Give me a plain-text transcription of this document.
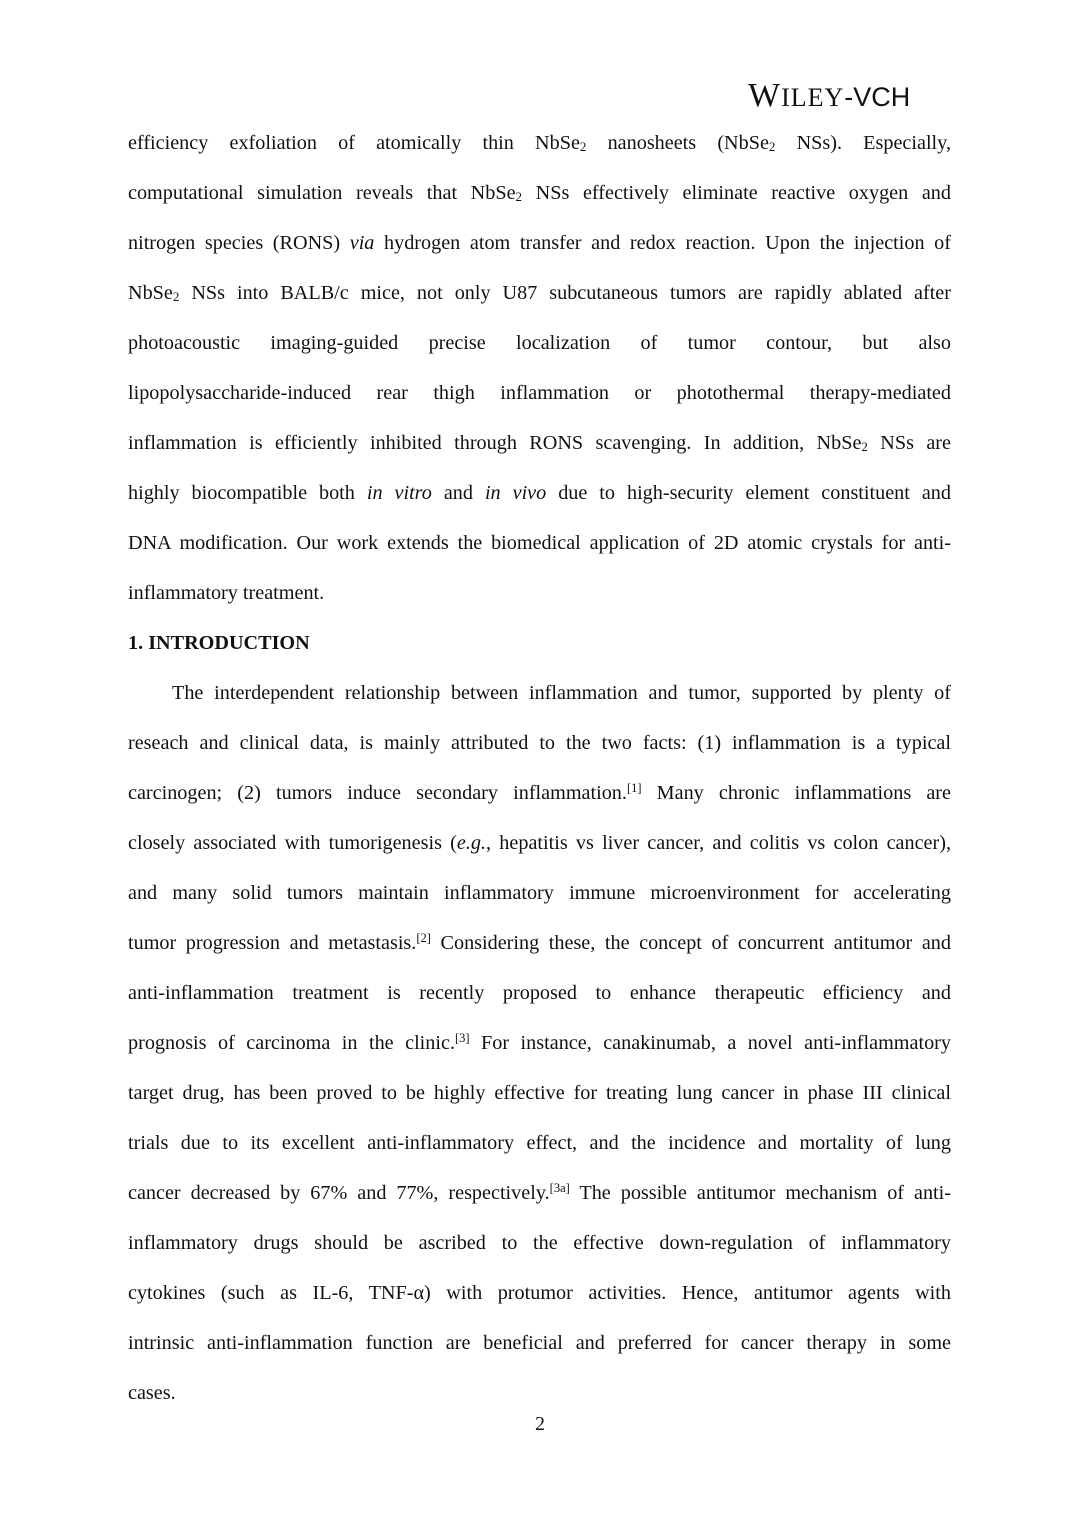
WILEY-VCH
efficiency exfoliation of atomically thin NbSe$_2$ nanosheets (NbSe$_2$ NSs). Especially,
computational simulation reveals that NbSe$_2$ NSs effectively eliminate reactive oxygen and
nitrogen species (RONS) via hydrogen atom transfer and redox reaction. Upon the injection of
NbSe$_2$ NSs into BALB/c mice, not only U87 subcutaneous tumors are rapidly ablated after
photoacoustic imaging-guided precise localization of tumor contour, but also
lipopolysaccharide-induced rear thigh inflammation or photothermal therapy-mediated
inflammation is efficiently inhibited through RONS scavenging. In addition, NbSe$_2$ NSs are
highly biocompatible both in vitro and in vivo due to high-security element constituent and
DNA modification. Our work extends the biomedical application of 2D atomic crystals for anti-
inflammatory treatment.
1. INTRODUCTION
The interdependent relationship between inflammation and tumor, supported by plenty of
reseach and clinical data, is mainly attributed to the two facts: (1) inflammation is a typical
carcinogen; (2) tumors induce secondary inflammation.[1] Many chronic inflammations are
closely associated with tumorigenesis (e.g., hepatitis vs liver cancer, and colitis vs colon cancer),
and many solid tumors maintain inflammatory immune microenvironment for accelerating
tumor progression and metastasis.[2] Considering these, the concept of concurrent antitumor and
anti-inflammation treatment is recently proposed to enhance therapeutic efficiency and
prognosis of carcinoma in the clinic.[3] For instance, canakinumab, a novel anti-inflammatory
target drug, has been proved to be highly effective for treating lung cancer in phase III clinical
trials due to its excellent anti-inflammatory effect, and the incidence and mortality of lung
cancer decreased by 67% and 77%, respectively.[3a] The possible antitumor mechanism of anti-
inflammatory drugs should be ascribed to the effective down-regulation of inflammatory
cytokines (such as IL-6, TNF-α) with protumor activities. Hence, antitumor agents with
intrinsic anti-inflammation function are beneficial and preferred for cancer therapy in some
cases.
2
